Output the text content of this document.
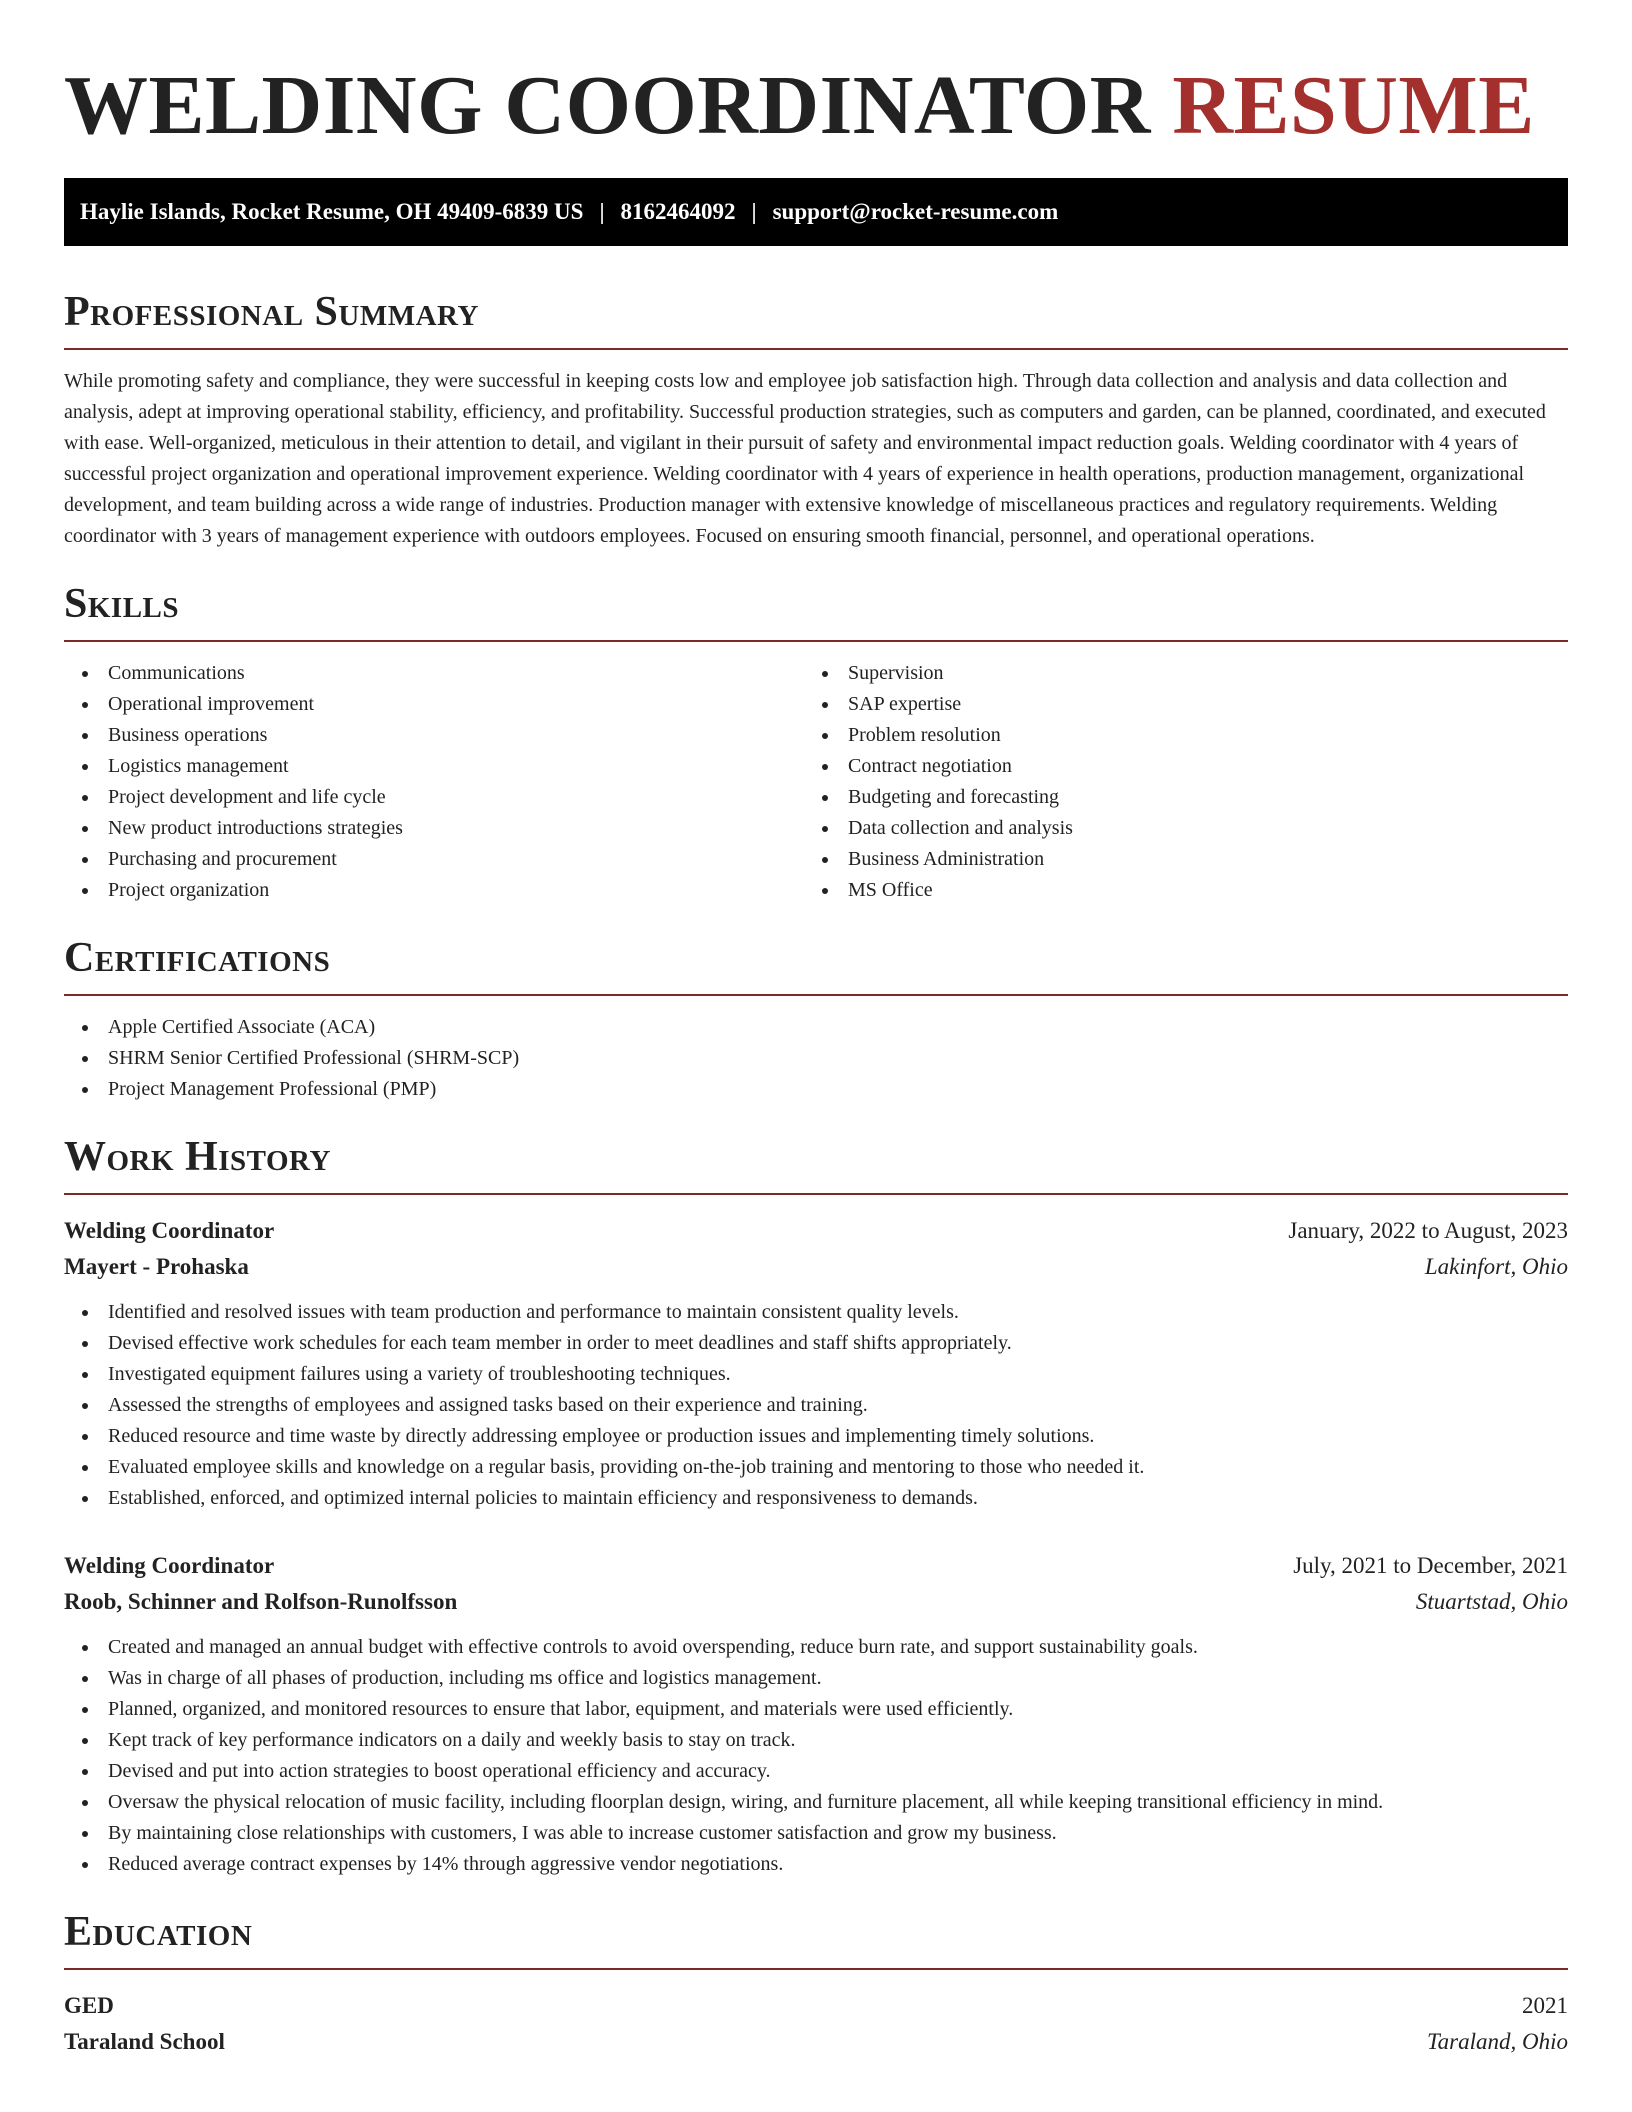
WELDING COORDINATOR RESUME
Haylie Islands, Rocket Resume, OH 49409-6839 US | 8162464092 | support@rocket-resume.com
Professional Summary

While promoting safety and compliance, they were successful in keeping costs low and employee job satisfaction high. Through data collection and analysis and data collection and analysis, adept at improving operational stability, efficiency, and profitability. Successful production strategies, such as computers and garden, can be planned, coordinated, and executed with ease. Well-organized, meticulous in their attention to detail, and vigilant in their pursuit of safety and environmental impact reduction goals. Welding coordinator with 4 years of successful project organization and operational improvement experience. Welding coordinator with 4 years of experience in health operations, production management, organizational development, and team building across a wide range of industries. Production manager with extensive knowledge of miscellaneous practices and regulatory requirements. Welding coordinator with 3 years of management experience with outdoors employees. Focused on ensuring smooth financial, personnel, and operational operations.

Skills
Communications
Operational improvement
Business operations
Logistics management
Project development and life cycle
New product introductions strategies
Purchasing and procurement
Project organization
Supervision
SAP expertise
Problem resolution
Contract negotiation
Budgeting and forecasting
Data collection and analysis
Business Administration
MS Office
Certifications
Apple Certified Associate (ACA)
SHRM Senior Certified Professional (SHRM-SCP)
Project Management Professional (PMP)
Work History
Welding Coordinator	January, 2022 to August, 2023
Mayert - Prohaska	Lakinfort, Ohio
Identified and resolved issues with team production and performance to maintain consistent quality levels.
Devised effective work schedules for each team member in order to meet deadlines and staff shifts appropriately.
Investigated equipment failures using a variety of troubleshooting techniques.
Assessed the strengths of employees and assigned tasks based on their experience and training.
Reduced resource and time waste by directly addressing employee or production issues and implementing timely solutions.
Evaluated employee skills and knowledge on a regular basis, providing on-the-job training and mentoring to those who needed it.
Established, enforced, and optimized internal policies to maintain efficiency and responsiveness to demands.
Welding Coordinator	July, 2021 to December, 2021
Roob, Schinner and Rolfson-Runolfsson	Stuartstad, Ohio
Created and managed an annual budget with effective controls to avoid overspending, reduce burn rate, and support sustainability goals.
Was in charge of all phases of production, including ms office and logistics management.
Planned, organized, and monitored resources to ensure that labor, equipment, and materials were used efficiently.
Kept track of key performance indicators on a daily and weekly basis to stay on track.
Devised and put into action strategies to boost operational efficiency and accuracy.
Oversaw the physical relocation of music facility, including floorplan design, wiring, and furniture placement, all while keeping transitional efficiency in mind.
By maintaining close relationships with customers, I was able to increase customer satisfaction and grow my business.
Reduced average contract expenses by 14% through aggressive vendor negotiations.
Education
GED	2021
Taraland School	Taraland, Ohio
